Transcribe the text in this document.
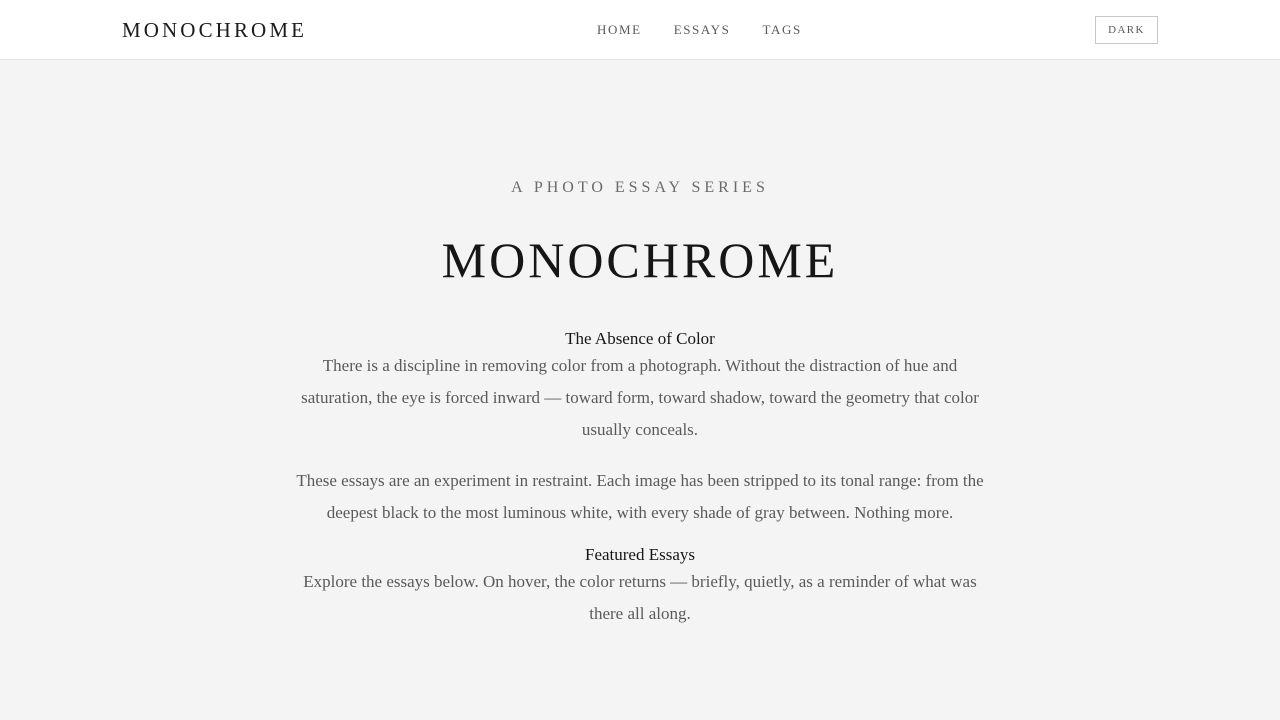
MONOCHROME	HOME ESSAYS TAGS	DARK
A PHOTO ESSAY SERIES
MONOCHROME
The Absence of Color

There is a discipline in removing color from a photograph. Without the distraction of hue and saturation, the eye is forced inward — toward form, toward shadow, toward the geometry that color usually conceals.

These essays are an experiment in restraint. Each image has been stripped to its tonal range: from the deepest black to the most luminous white, with every shade of gray between. Nothing more.

Featured Essays

Explore the essays below. On hover, the color returns — briefly, quietly, as a reminder of what was there all along.
